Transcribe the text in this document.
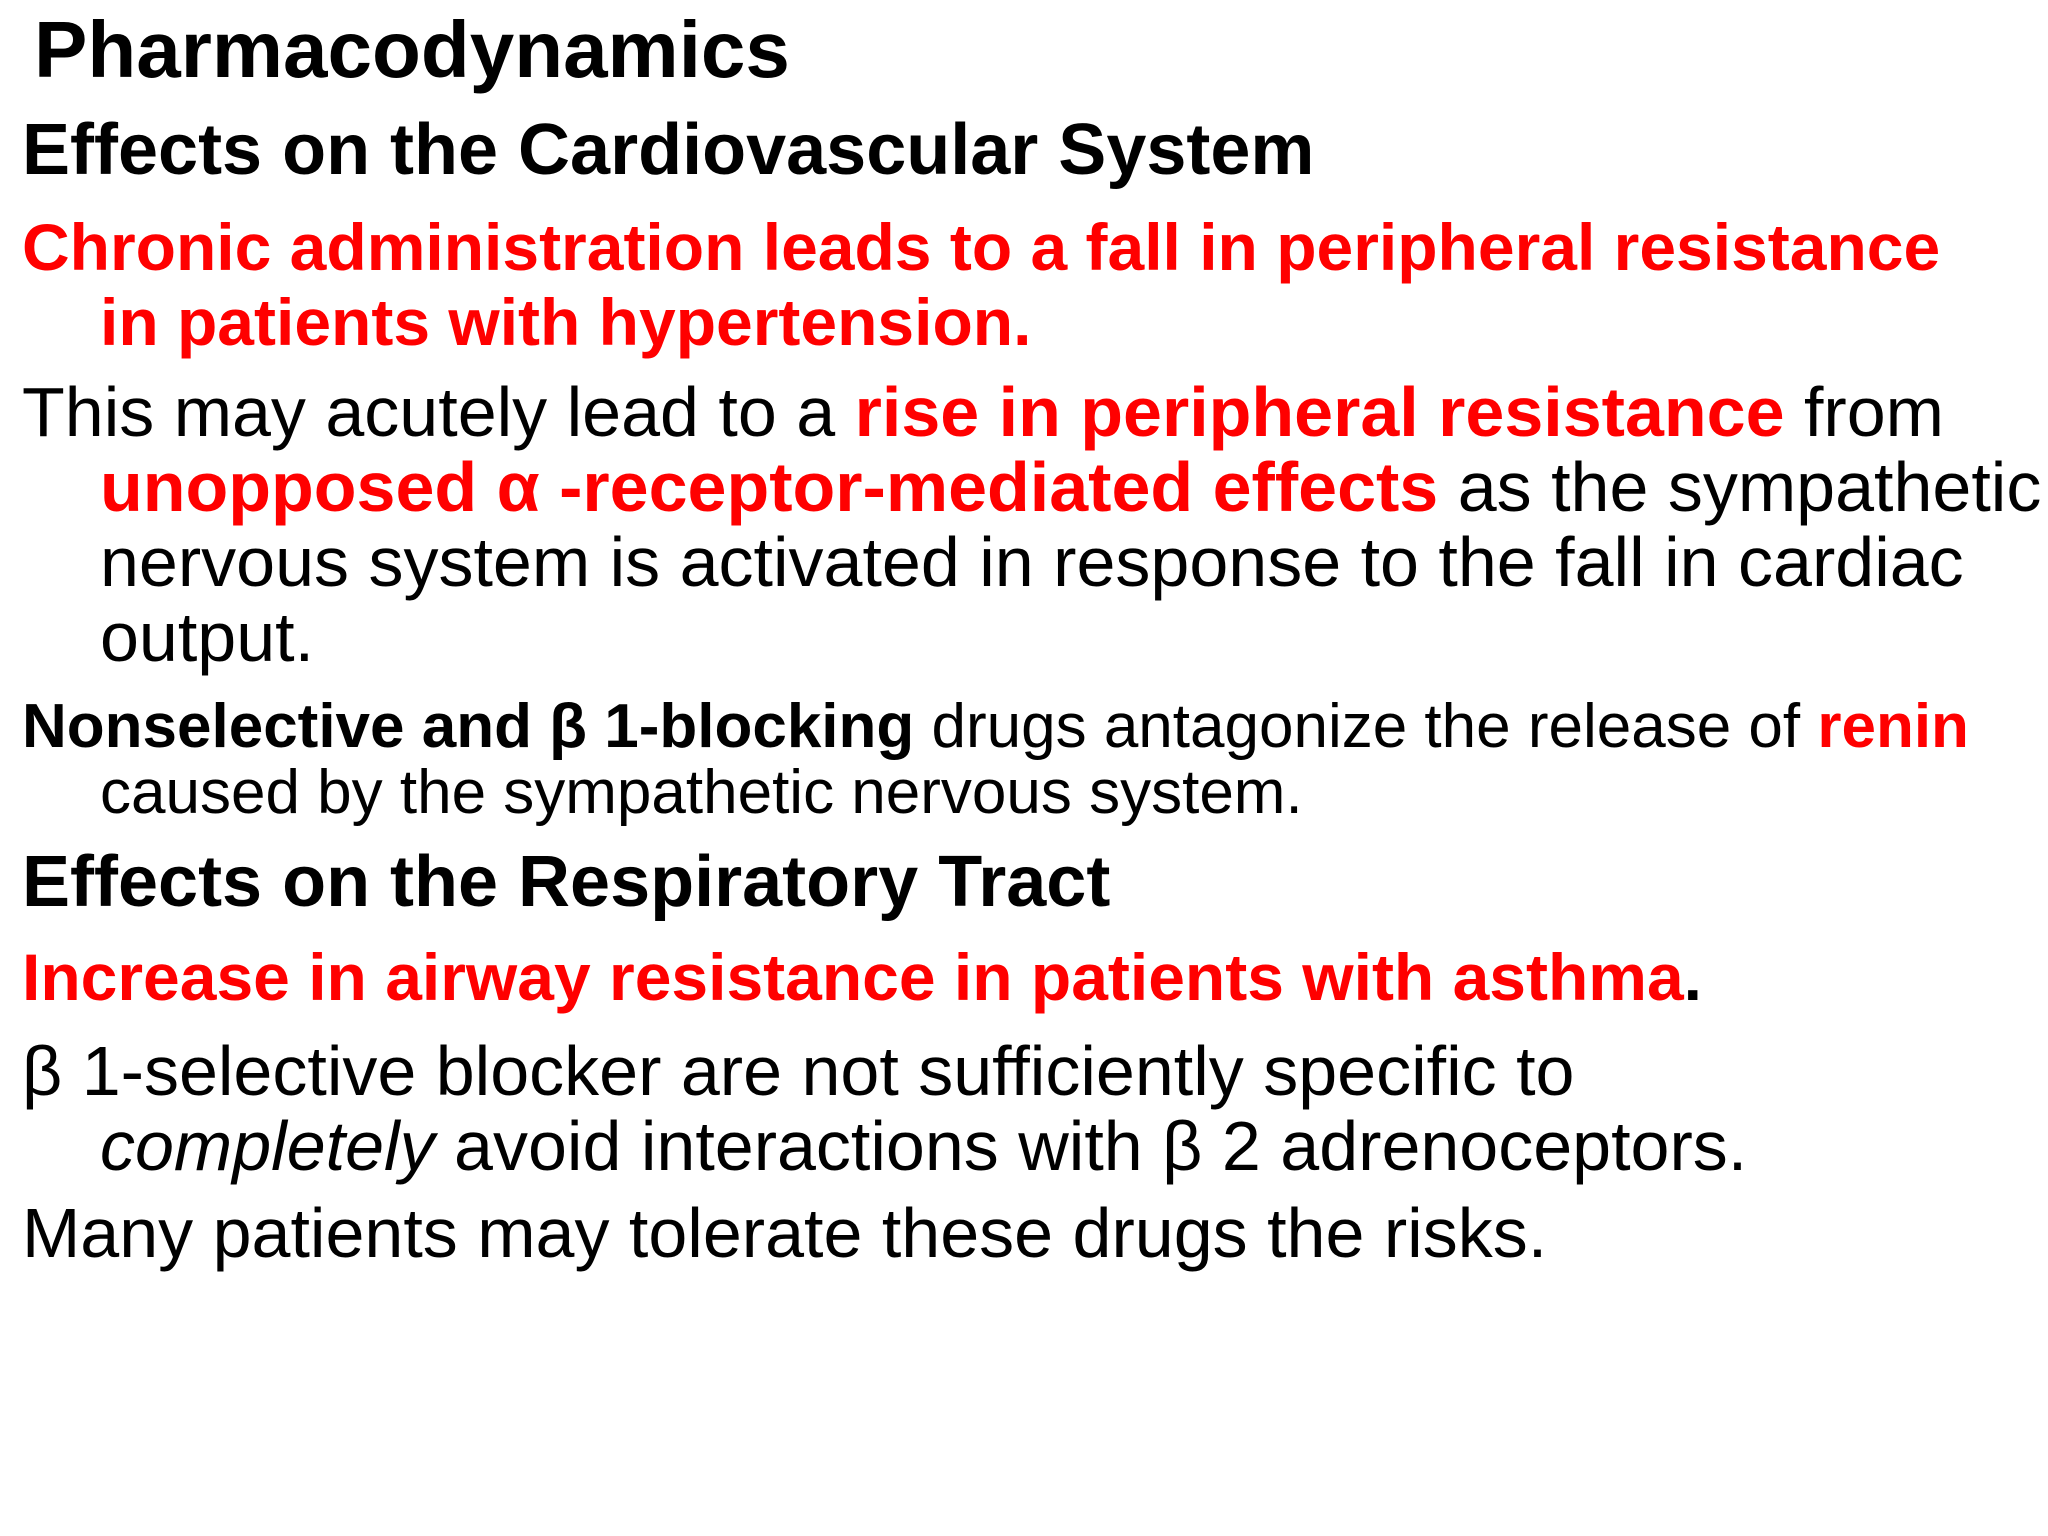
Pharmacodynamics

Effects on the Cardiovascular System

Chronic administration leads to a fall in peripheral resistance in patients with hypertension.

This may acutely lead to a rise in peripheral resistance from unopposed α -receptor-mediated effects as the sympathetic nervous system is activated in response to the fall in cardiac output.

Nonselective and β 1-blocking drugs antagonize the release of renin caused by the sympathetic nervous system.

Effects on the Respiratory Tract

Increase in airway resistance in patients with asthma.

β 1-selective blocker are not sufficiently specific to completely avoid interactions with β 2 adrenoceptors.

Many patients may tolerate these drugs the risks.
